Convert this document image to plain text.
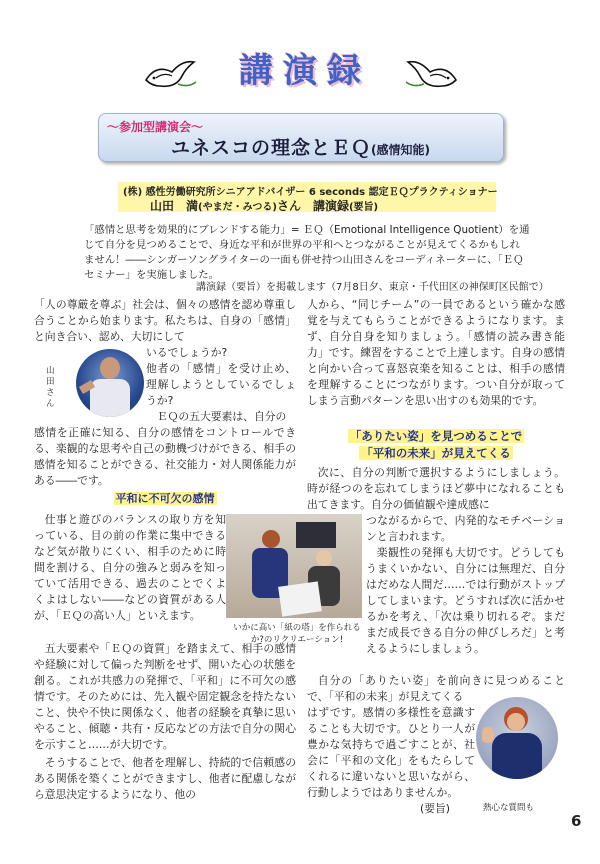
講 演 録
～参加型講演会～
ユネスコの理念とＥＱ(感情知能)
(株) 感性労働研究所シニアアドバイザー 6 seconds 認定ＥＱプラクティショナー
山田　満(やまだ・みつる)さん　講演録(要旨)
「感情と思考を効果的にブレンドする能力」= ＥＱ（Emotional Intelligence Quotient）を通じて自分を見つめることで、身近な平和が世界の平和へとつながることが見えてくるかもしれません！――シンガーソングライターの一面も併せ持つ山田さんをコーディネーターに、「ＥＱセミナー」を実施しました。
講演録（要旨）を掲載します（7月8日夕、東京・千代田区の神保町区民館で）

「人の尊厳を尊ぶ」社会は、個々の感情を認め尊重し合うことから始まります。私たちは、自身の「感情」と向き合い、認め、大切にして

いるでしょうか?

他者の「感情」を受け止め、理解しようとしているでしょうか?

ＥＱの五大要素は、自分の

感情を正確に知る、自分の感情をコントロールできる、楽観的な思考や自己の動機づけができる、相手の感情を知ることができる、社交能力・対人関係能力がある――です。

山田さん
平和に不可欠の感情

仕事と遊びのバランスの取り方を知っている、目の前の作業に集中できるなど気が散りにくい、相手のために時間を割ける、自分の強みと弱みを知っていて活用できる、過去のことでくよくよはしない――などの資質がある人が、「ＥＱの高い人」といえます。

五大要素や「ＥＱの資質」を踏まえて、相手の感情や経験に対して偏った判断をせず、開いた心の状態を創る。これが共感力の発揮で、「平和」に不可欠の感情です。そのためには、先入観や固定観念を持たないこと、快や不快に関係なく、他者の経験を真摯に思いやること、傾聴・共有・反応などの方法で自分の関心を示すこと……が大切です。

そうすることで、他者を理解し、持続的で信頼感のある関係を築くことができますし、他者に配慮しながら意思決定するようになり、他の

いかに高い「紙の塔」を作られるか?のリクリエーション!

人から、“同じチーム”の一員であるという確かな感覚を与えてもらうことができるようになります。まず、自分自身を知りましょう。「感情の読み書き能力」です。練習をすることで上達します。自身の感情と向かい合って喜怒哀楽を知ることは、相手の感情を理解することにつながります。つい自分が取ってしまう言動パターンを思い出すのも効果的です。

「ありたい姿」を見つめることで
「平和の未来」が見えてくる

次に、自分の判断で選択するようにしましょう。時が経つのを忘れてしまうほど夢中になれることも出てきます。自分の価値観や達成感に

つながるからで、内発的なモチベーションと言われます。

楽観性の発揮も大切です。どうしてもうまくいかない、自分には無理だ、自分はだめな人間だ……では行動がストップしてしまいます。どうすれば次に活かせるかを考え、「次は乗り切れるぞ。まだまだ成長できる自分の伸びしろだ」と考えるようにしましょう。

自分の「ありたい姿」を前向きに見つめることで、「平和の未来」が見えてくる

はずです。感情の多様性を意識することも大切です。ひとり一人が豊かな気持ちで過ごすことが、社会に「平和の文化」をもたらしてくれるに違いないと思いながら、行動しようではありませんか。

(要旨)	熱心な質問も
6
